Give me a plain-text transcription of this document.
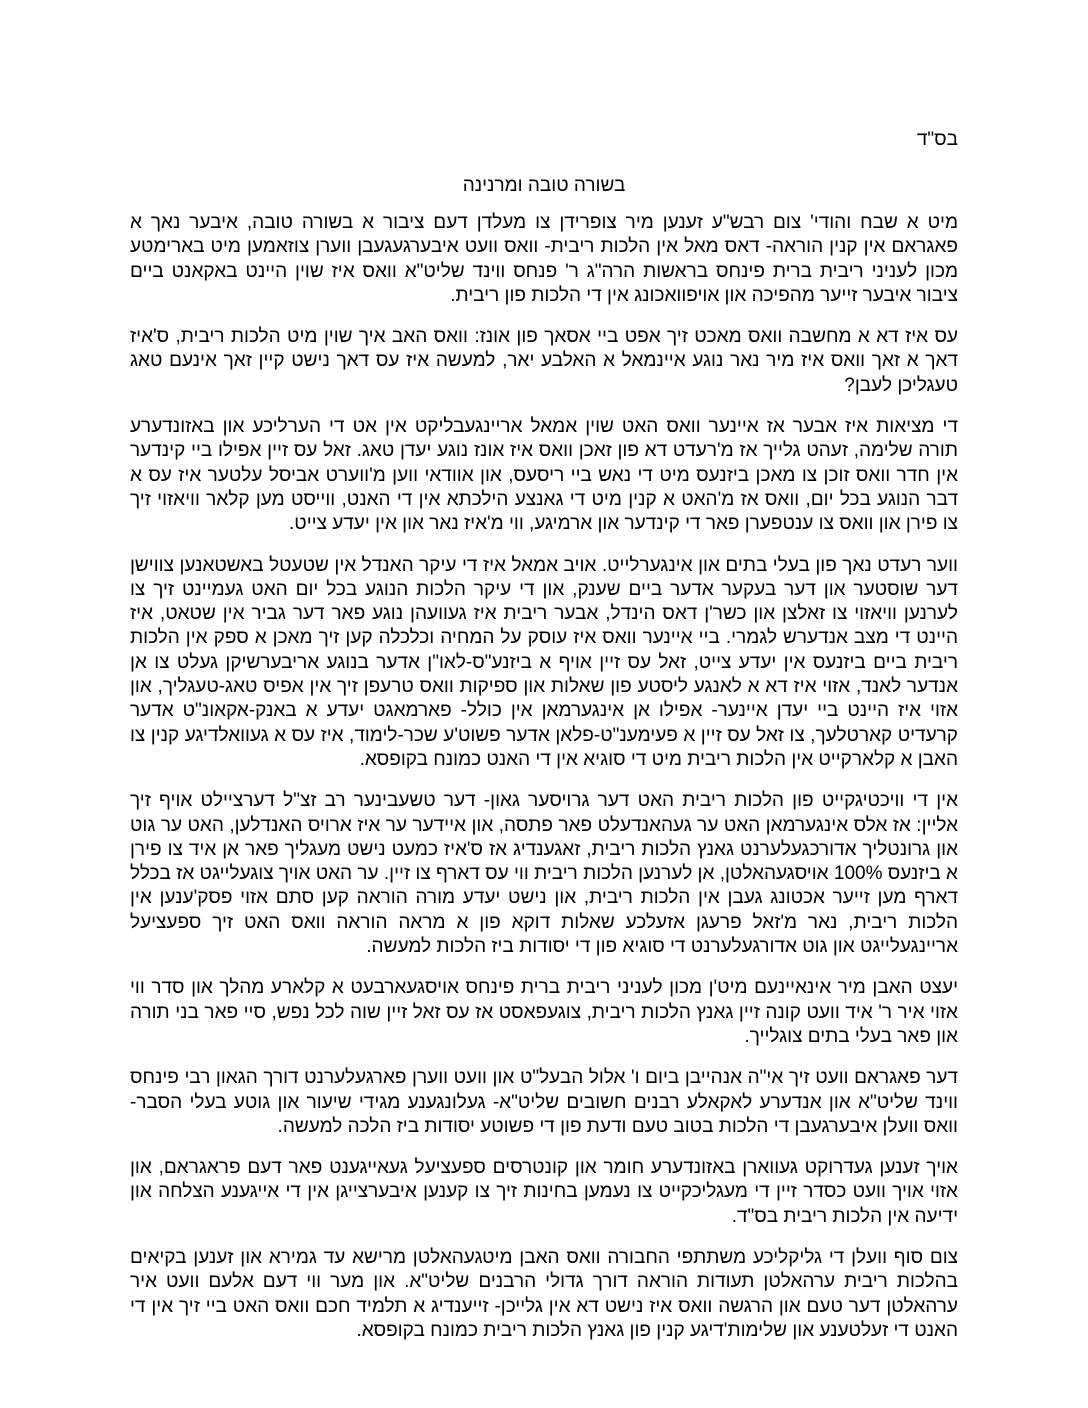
בס"ד
בשורה טובה ומרנינה

מיט א שבח והודי' צום רבש"ע זענען מיר צופרידן צו מעלדן דעם ציבור א בשורה טובה, איבער נאך א פאגראם אין קנין הוראה- דאס מאל אין הלכות ריבית- וואס וועט איבערגעגעבן ווערן צוזאמען מיט בארימטע מכון לעניני ריבית ברית פינחס בראשות הרה"ג ר' פנחס ווינד שליט"א וואס איז שוין היינט באקאנט ביים ציבור איבער זייער מהפיכה און אויפוואכונג אין די הלכות פון ריבית.

עס איז דא א מחשבה וואס מאכט זיך אפט ביי אסאך פון אונז: וואס האב איך שוין מיט הלכות ריבית, ס'איז דאך א זאך וואס איז מיר נאר נוגע איינמאל א האלבע יאר, למעשה איז עס דאך נישט קיין זאך אינעם טאג טעגליכן לעבן?

די מציאות איז אבער אז איינער וואס האט שוין אמאל אריינגעבליקט אין אט די הערליכע און באזונדערע תורה שלימה, זעהט גלייך אז מ'רעדט דא פון זאכן וואס איז אונז נוגע יעדן טאג. זאל עס זיין אפילו ביי קינדער אין חדר וואס זוכן צו מאכן ביזנעס מיט די נאש ביי ריסעס, און אוודאי ווען מ'ווערט אביסל עלטער איז עס א דבר הנוגע בכל יום, וואס אז מ'האט א קנין מיט די גאנצע הילכתא אין די האנט, ווייסט מען קלאר וויאזוי זיך צו פירן און וואס צו ענטפערן פאר די קינדער און ארמיגע, ווי מ'איז נאר און אין יעדע צייט.

ווער רעדט נאך פון בעלי בתים און אינגערלייט. אויב אמאל איז די עיקר האנדל אין שטעטל באשטאנען צווישן דער שוסטער און דער בעקער אדער ביים שענק, און די עיקר הלכות הנוגע בכל יום האט געמיינט זיך צו לערנען וויאזוי צו זאלצן און כשר'ן דאס הינדל, אבער ריבית איז געוועהן נוגע פאר דער גביר אין שטאט, איז היינט די מצב אנדערש לגמרי. ביי איינער וואס איז עוסק על המחיה וכלכלה קען זיך מאכן א ספק אין הלכות ריבית ביים ביזנעס אין יעדע צייט, זאל עס זיין אויף א ביזנע"ס-לאו"ן אדער בנוגע אריבערשיקן געלט צו אן אנדער לאנד, אזוי איז דא א לאנגע ליסטע פון שאלות און ספיקות וואס טרעפן זיך אין אפיס טאג-טעגליך, און אזוי איז היינט ביי יעדן איינער- אפילו אן אינגערמאן אין כולל- פארמאגט יעדע א באנק-אקאונ"ט אדער קרעדיט קארטלעך, צו זאל עס זיין א פעימענ"ט-פלאן אדער פשוט'ע שכר-לימוד, איז עס א געוואלדיגע קנין צו האבן א קלארקייט אין הלכות ריבית מיט די סוגיא אין די האנט כמונח בקופסא.

אין די וויכטיגקייט פון הלכות ריבית האט דער גרויסער גאון- דער טשעבינער רב זצ"ל דערציילט אויף זיך אליין: אז אלס אינגערמאן האט ער געהאנדעלט פאר פתסה, און איידער ער איז ארויס האנדלען, האט ער גוט און גרונטליך אדורכגעלערנט גאנץ הלכות ריבית, זאגענדיג אז ס'איז כמעט נישט מעגליך פאר אן איד צו פירן א ביזנעס 100% אויסגעהאלטן, אן לערנען הלכות ריבית ווי עס דארף צו זיין. ער האט אויך צוגעלייגט אז בכלל דארף מען זייער אכטונג געבן אין הלכות ריבית, און נישט יעדע מורה הוראה קען סתם אזוי פסק'ענען אין הלכות ריבית, נאר מ'זאל פרעגן אזעלכע שאלות דוקא פון א מראה הוראה וואס האט זיך ספעציעל אריינגעלייגט און גוט אדורגעלערנט די סוגיא פון די יסודות ביז הלכות למעשה.

יעצט האבן מיר אינאיינעם מיט'ן מכון לעניני ריבית ברית פינחס אויסגעארבעט א קלארע מהלך און סדר ווי אזוי איר ר' איד וועט קונה זיין גאנץ הלכות ריבית, צוגעפאסט אז עס זאל זיין שוה לכל נפש, סיי פאר בני תורה און פאר בעלי בתים צוגלייך.

דער פאגראם וועט זיך אי"ה אנהייבן ביום ו' אלול הבעל"ט און וועט ווערן פארגעלערנט דורך הגאון רבי פינחס ווינד שליט"א און אנדערע לאקאלע רבנים חשובים שליט"א- געלונגענע מגידי שיעור און גוטע בעלי הסבר- וואס וועלן איבערגעבן די הלכות בטוב טעם ודעת פון די פשוטע יסודות ביז הלכה למעשה.

אויך זענען געדרוקט געווארן באזונדערע חומר און קונטרסים ספעציעל געאייגענט פאר דעם פראגראם, און אזוי אויך וועט כסדר זיין די מעגליכקייט צו נעמען בחינות זיך צו קענען איבערצייגן אין די אייגענע הצלחה און ידיעה אין הלכות ריבית בס"ד.

צום סוף וועלן די גליקליכע משתתפי החבורה וואס האבן מיטגעהאלטן מרישא עד גמירא און זענען בקיאים בהלכות ריבית ערהאלטן תעודות הוראה דורך גדולי הרבנים שליט"א. און מער ווי דעם אלעם וועט איר ערהאלטן דער טעם און הרגשה וואס איז נישט דא אין גלייכן- זייענדיג א תלמיד חכם וואס האט ביי זיך אין די האנט די זעלטענע און שלימות'דיגע קנין פון גאנץ הלכות ריבית כמונח בקופסא.
